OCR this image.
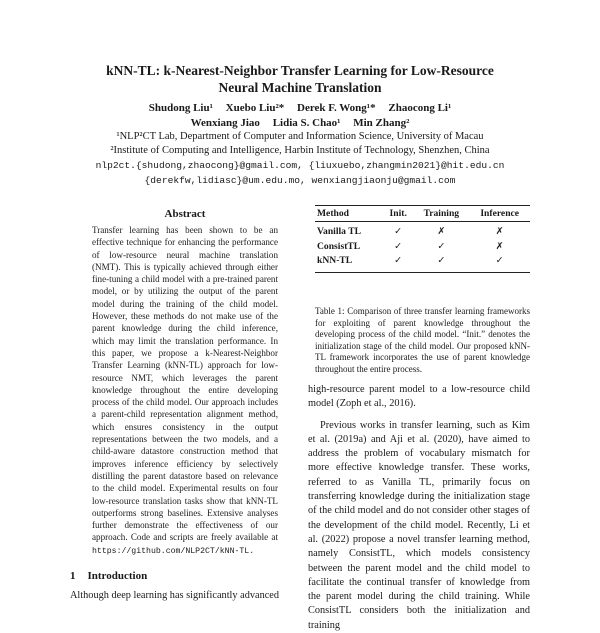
kNN-TL: k-Nearest-Neighbor Transfer Learning for Low-Resource
Neural Machine Translation
Shudong Liu¹ Xuebo Liu²* Derek F. Wong¹* Zhaocong Li¹
Wenxiang Jiao Lidia S. Chao¹ Min Zhang²
¹NLP²CT Lab, Department of Computer and Information Science, University of Macau
²Institute of Computing and Intelligence, Harbin Institute of Technology, Shenzhen, China
nlp2ct.{shudong,zhaocong}@gmail.com, {liuxuebo,zhangmin2021}@hit.edu.cn
{derekfw,lidiasc}@um.edu.mo, wenxiangjiaonju@gmail.com
Abstract
Transfer learning has been shown to be an effective technique for enhancing the performance of low-resource neural machine translation (NMT). This is typically achieved through either fine-tuning a child model with a pre-trained parent model, or by utilizing the output of the parent model during the training of the child model. However, these methods do not make use of the parent knowledge during the child inference, which may limit the translation performance. In this paper, we propose a k-Nearest-Neighbor Transfer Learning (kNN-TL) approach for low-resource NMT, which leverages the parent knowledge throughout the entire developing process of the child model. Our approach includes a parent-child representation alignment method, which ensures consistency in the output representations between the two models, and a child-aware datastore construction method that improves inference efficiency by selectively distilling the parent datastore based on relevance to the child model. Experimental results on four low-resource translation tasks show that kNN-TL outperforms strong baselines. Extensive analyses further demonstrate the effectiveness of our approach. Code and scripts are freely available at https://github.com/NLP2CT/kNN-TL.
Method	Init.	Training	Inference
Vanilla TL	✓	✗	✗
ConsistTL	✓	✓	✗
kNN-TL	✓	✓	✓
Table 1: Comparison of three transfer learning frameworks for exploiting of parent knowledge throughout the developing process of the child model. “Init.” denotes the initialization stage of the child model. Our proposed kNN-TL framework incorporates the use of parent knowledge throughout the entire process.

high-resource parent model to a low-resource child model (Zoph et al., 2016).

Previous works in transfer learning, such as Kim et al. (2019a) and Aji et al. (2020), have aimed to address the problem of vocabulary mismatch for more effective knowledge transfer. These works, referred to as Vanilla TL, primarily focus on transferring knowledge during the initialization stage of the child model and do not consider other stages of the development of the child model. Recently, Li et al. (2022) propose a novel transfer learning method, namely ConsistTL, which models consistency between the parent model and the child model to facilitate the continual transfer of knowledge from the parent model during the child training. While ConsistTL considers both the initialization and training

1 Introduction
Although deep learning has significantly advanced
